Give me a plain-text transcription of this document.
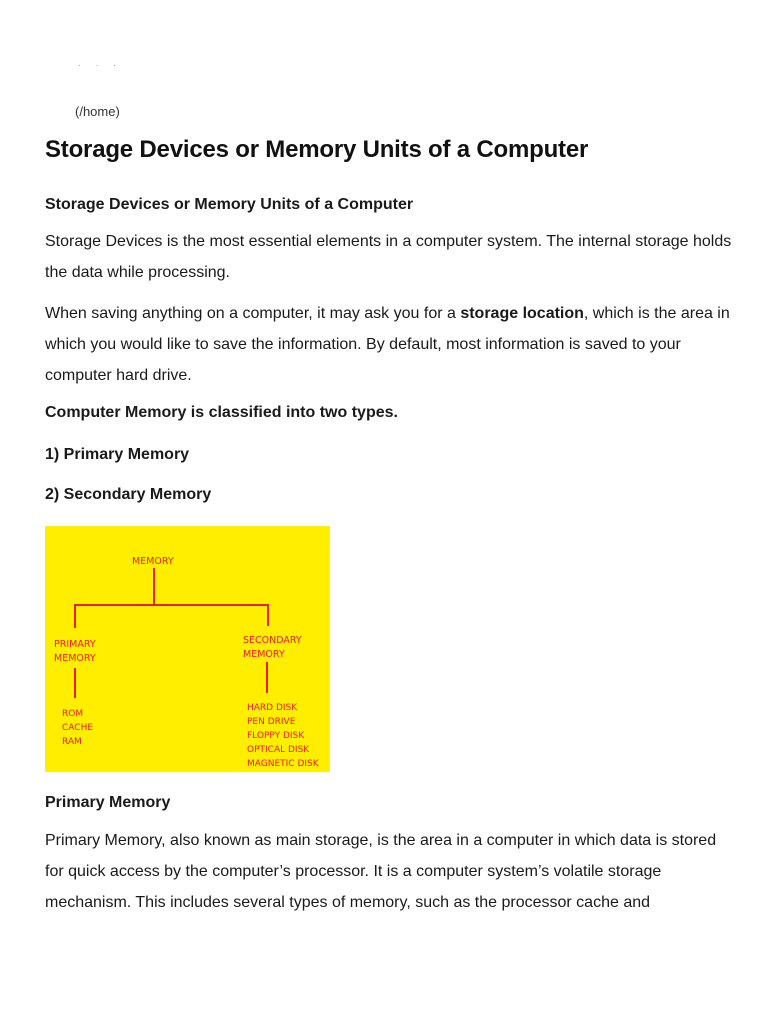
· · ·
(/home)
Storage Devices or Memory Units of a Computer
Storage Devices or Memory Units of a Computer

Storage Devices is the most essential elements in a computer system. The internal storage holds the data while processing.

When saving anything on a computer, it may ask you for a storage location, which is the area in which you would like to save the information. By default, most information is saved to your computer hard drive.

Computer Memory is classified into two types.
1) Primary Memory
2) Secondary Memory
MEMORY
PRIMARY
MEMORY
SECONDARY
MEMORY
ROM
CACHE
RAM
HARD DISK
PEN DRIVE
FLOPPY DISK
OPTICAL DISK
MAGNETIC DISK
Primary Memory

Primary Memory, also known as main storage, is the area in a computer in which data is stored for quick access by the computer’s processor. It is a computer system’s volatile storage mechanism. This includes several types of memory, such as the processor cache and
